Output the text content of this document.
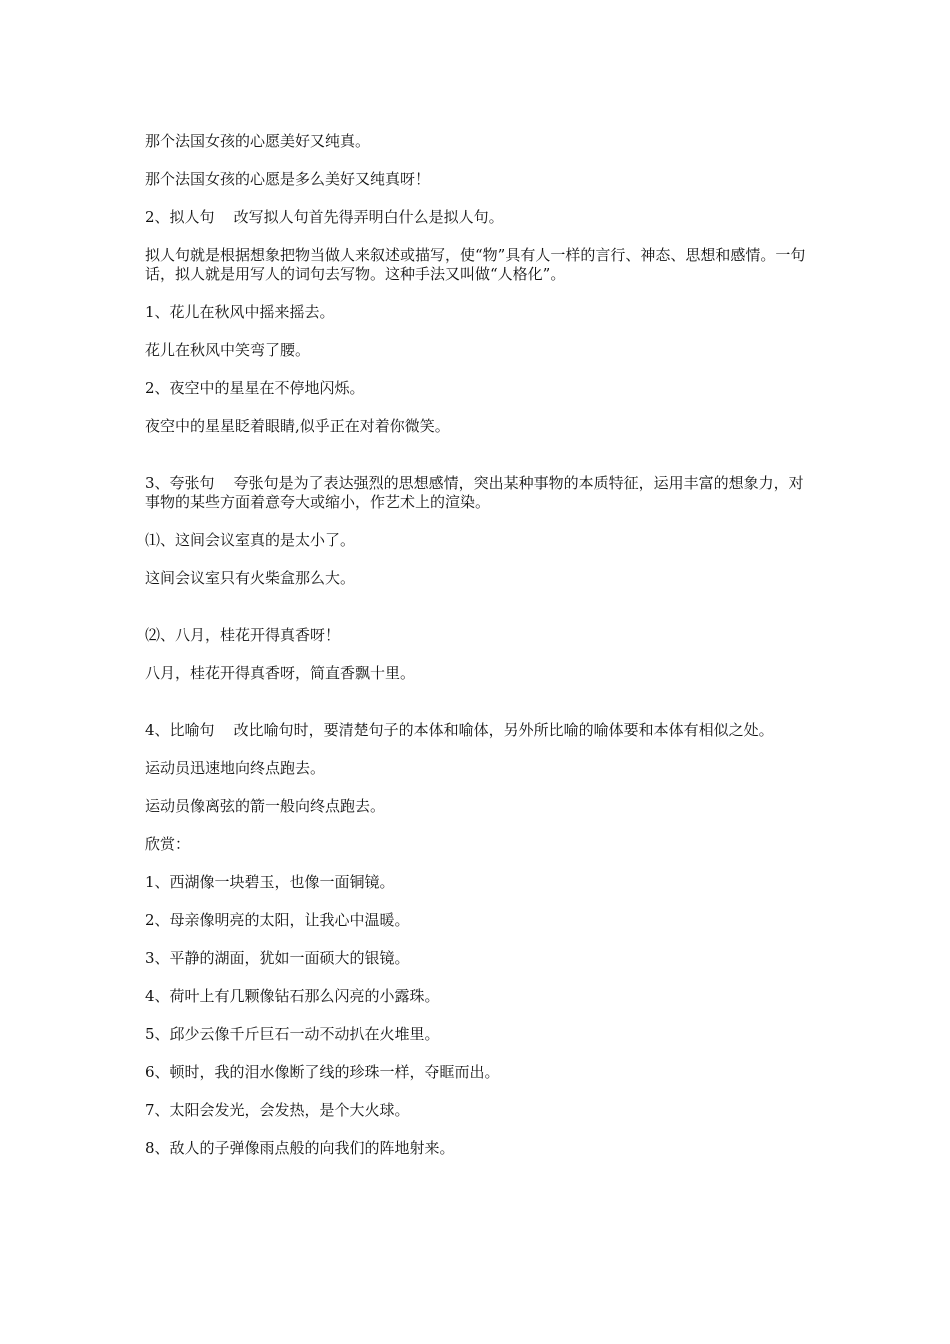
那个法国女孩的心愿美好又纯真。

那个法国女孩的心愿是多么美好又纯真呀！

2、拟人句    改写拟人句首先得弄明白什么是拟人句。

拟人句就是根据想象把物当做人来叙述或描写，使“物”具有人一样的言行、神态、思想和感情。一句话，拟人就是用写人的词句去写物。这种手法又叫做“人格化”。

1、花儿在秋风中摇来摇去。

花儿在秋风中笑弯了腰。

2、夜空中的星星在不停地闪烁。

夜空中的星星眨着眼睛,似乎正在对着你微笑。

3、夸张句    夸张句是为了表达强烈的思想感情，突出某种事物的本质特征，运用丰富的想象力，对事物的某些方面着意夸大或缩小，作艺术上的渲染。

⑴、这间会议室真的是太小了。

这间会议室只有火柴盒那么大。

⑵、八月，桂花开得真香呀！

八月，桂花开得真香呀，简直香飘十里。

4、比喻句    改比喻句时，要清楚句子的本体和喻体，另外所比喻的喻体要和本体有相似之处。

运动员迅速地向终点跑去。

运动员像离弦的箭一般向终点跑去。

欣赏：

1、西湖像一块碧玉，也像一面铜镜。

2、母亲像明亮的太阳，让我心中温暖。

3、平静的湖面，犹如一面硕大的银镜。

4、荷叶上有几颗像钻石那么闪亮的小露珠。

5、邱少云像千斤巨石一动不动扒在火堆里。

6、顿时，我的泪水像断了线的珍珠一样，夺眶而出。

7、太阳会发光，会发热，是个大火球。

8、敌人的子弹像雨点般的向我们的阵地射来。
